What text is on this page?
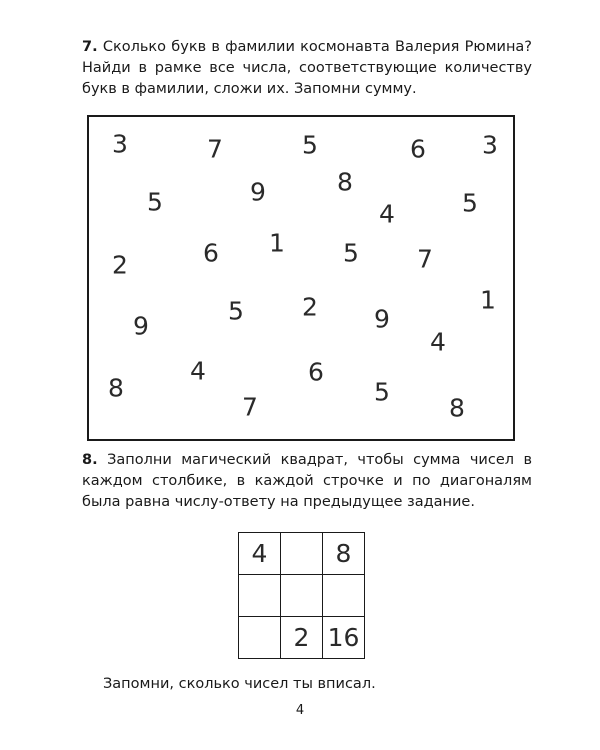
7. Сколько букв в фамилии космонавта Валерия Рюмина? Найди в рамке все числа, соответствующие количеству букв в фамилии, сложи их. Запомни сумму.
3	7	5	6 3
5	9	8
4	5
2	6 1 5 7
1
5 2
9	9
4
8
4	6
7
5
8
8. Заполни магический квадрат, чтобы сумма чисел в каждом столбике, в каждой строчке и по диагоналям была равна числу-ответу на предыдущее задание.
4		8

	2	16
Запомни, сколько чисел ты вписал.
4
